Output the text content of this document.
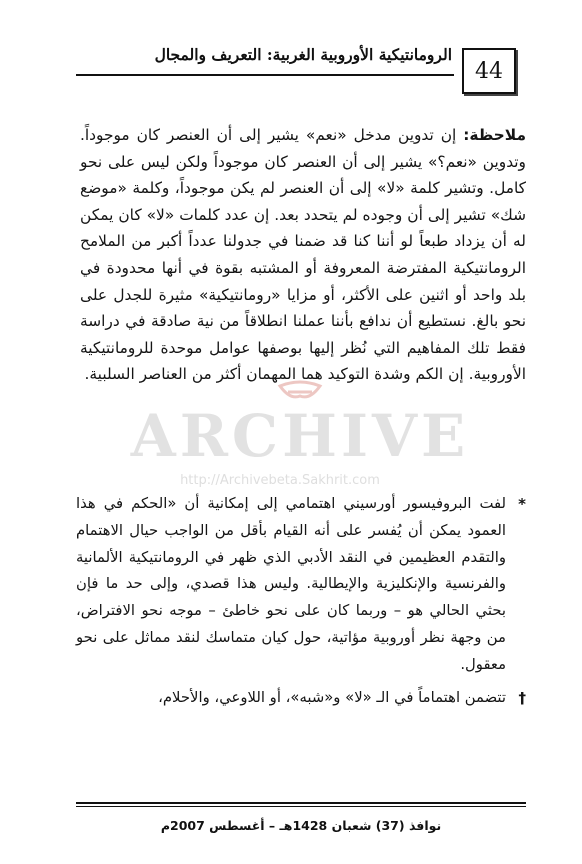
44
الرومانتيكية الأوروبية الغربية: التعريف والمجال

ملاحظة: إن تدوين مدخل «نعم» يشير إلى أن العنصر كان موجوداً. وتدوين «نعم؟» يشير إلى أن العنصر كان موجوداً ولكن ليس على نحو كامل. وتشير كلمة «لا» إلى أن العنصر لم يكن موجوداً، وكلمة «موضع شك» تشير إلى أن وجوده لم يتحدد بعد. إن عدد كلمات «لا» كان يمكن له أن يزداد طبعاً لو أننا كنا قد ضمنا في جدولنا عدداً أكبر من الملامح الرومانتيكية المفترضة المعروفة أو المشتبه بقوة في أنها محدودة في بلد واحد أو اثنين على الأكثر، أو مزايا «رومانتيكية» مثيرة للجدل على نحو بالغ. نستطيع أن ندافع بأننا عملنا انطلاقاً من نية صادقة في دراسة فقط تلك المفاهيم التي نُظر إليها بوصفها عوامل موحدة للرومانتيكية الأوروبية. إن الكم وشدة التوكيد هما المهمان أكثر من العناصر السلبية.

ARCHIVE
http://Archivebeta.Sakhrit.com
*
لفت البروفيسور أورسيني اهتمامي إلى إمكانية أن «الحكم في هذا العمود يمكن أن يُفسر على أنه القيام بأقل من الواجب حيال الاهتمام والتقدم العظيمين في النقد الأدبي الذي ظهر في الرومانتيكية الألمانية والفرنسية والإنكليزية والإيطالية. وليس هذا قصدي، وإلى حد ما فإن بحثي الحالي هو – وربما كان على نحو خاطئ – موجه نحو الافتراض، من وجهة نظر أوروبية مؤاتية، حول كيان متماسك لنقد مماثل على نحو معقول.
†
تتضمن اهتماماً في الـ «لا» و«شبه»، أو اللاوعي، والأحلام،
نوافذ (37) شعبان 1428هـ – أغسطس 2007م
